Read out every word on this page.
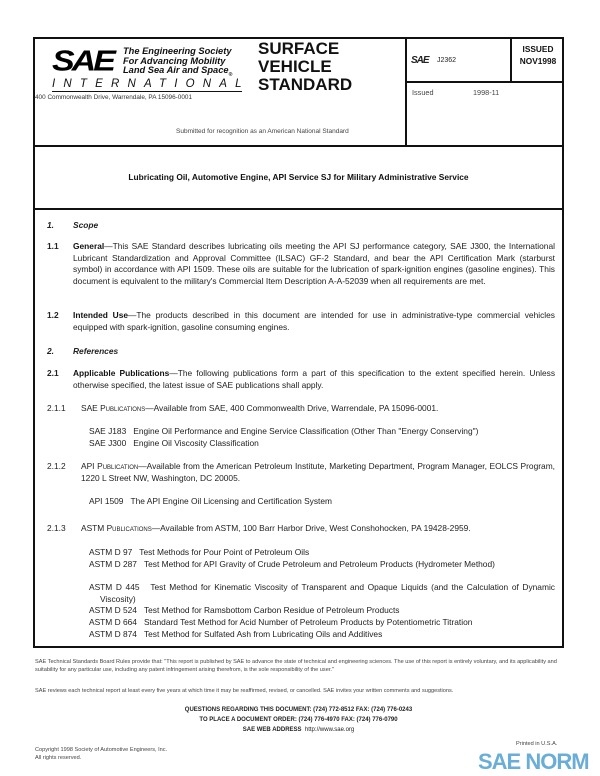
SAE The Engineering Society
For Advancing Mobility
Land Sea Air and Space$_®$
INTERNATIONAL
400 Commonwealth Drive, Warrendale, PA 15096-0001
SURFACE
VEHICLE
STANDARD
SAE J2362
ISSUED
NOV1998
Issued	1998-11
Submitted for recognition as an American National Standard
Lubricating Oil, Automotive Engine, API Service SJ for Military Administrative Service
1. Scope
1.1 General—This SAE Standard describes lubricating oils meeting the API SJ performance category, SAE J300, the International Lubricant Standardization and Approval Committee (ILSAC) GF-2 Standard, and bear the API Certification Mark (starburst symbol) in accordance with API 1509. These oils are suitable for the lubrication of spark-ignition engines (gasoline engines). This document is equivalent to the military's Commercial Item Description A-A-52039 when all requirements are met.
1.2 Intended Use—The products described in this document are intended for use in administrative-type commercial vehicles equipped with spark-ignition, gasoline consuming engines.
2. References
2.1 Applicable Publications—The following publications form a part of this specification to the extent specified herein. Unless otherwise specified, the latest issue of SAE publications shall apply.
2.1.1 SAE Publications—Available from SAE, 400 Commonwealth Drive, Warrendale, PA 15096-0001.
SAE J183 Engine Oil Performance and Engine Service Classification (Other Than "Energy Conserving")
SAE J300 Engine Oil Viscosity Classification
2.1.2 API Publication—Available from the American Petroleum Institute, Marketing Department, Program Manager, EOLCS Program, 1220 L Street NW, Washington, DC 20005.
API 1509 The API Engine Oil Licensing and Certification System
2.1.3 ASTM Publications—Available from ASTM, 100 Barr Harbor Drive, West Conshohocken, PA 19428-2959.
ASTM D 97 Test Methods for Pour Point of Petroleum Oils
ASTM D 287 Test Method for API Gravity of Crude Petroleum and Petroleum Products (Hydrometer Method)
ASTM D 445 Test Method for Kinematic Viscosity of Transparent and Opaque Liquids (and the Calculation of Dynamic Viscosity)
ASTM D 524 Test Method for Ramsbottom Carbon Residue of Petroleum Products
ASTM D 664 Standard Test Method for Acid Number of Petroleum Products by Potentiometric Titration
ASTM D 874 Test Method for Sulfated Ash from Lubricating Oils and Additives
SAE Technical Standards Board Rules provide that: "This report is published by SAE to advance the state of technical and engineering sciences. The use of this report is entirely voluntary, and its applicability and suitability for any particular use, including any patent infringement arising therefrom, is the sole responsibility of the user."
SAE reviews each technical report at least every five years at which time it may be reaffirmed, revised, or cancelled. SAE invites your written comments and suggestions.
QUESTIONS REGARDING THIS DOCUMENT: (724) 772-8512 FAX: (724) 776-0243
TO PLACE A DOCUMENT ORDER: (724) 776-4970 FAX: (724) 776-0790
SAE WEB ADDRESS http://www.sae.org
Copyright 1998 Society of Automotive Engineers, Inc.
All rights reserved.
Printed in U.S.A.
SAE NORM
